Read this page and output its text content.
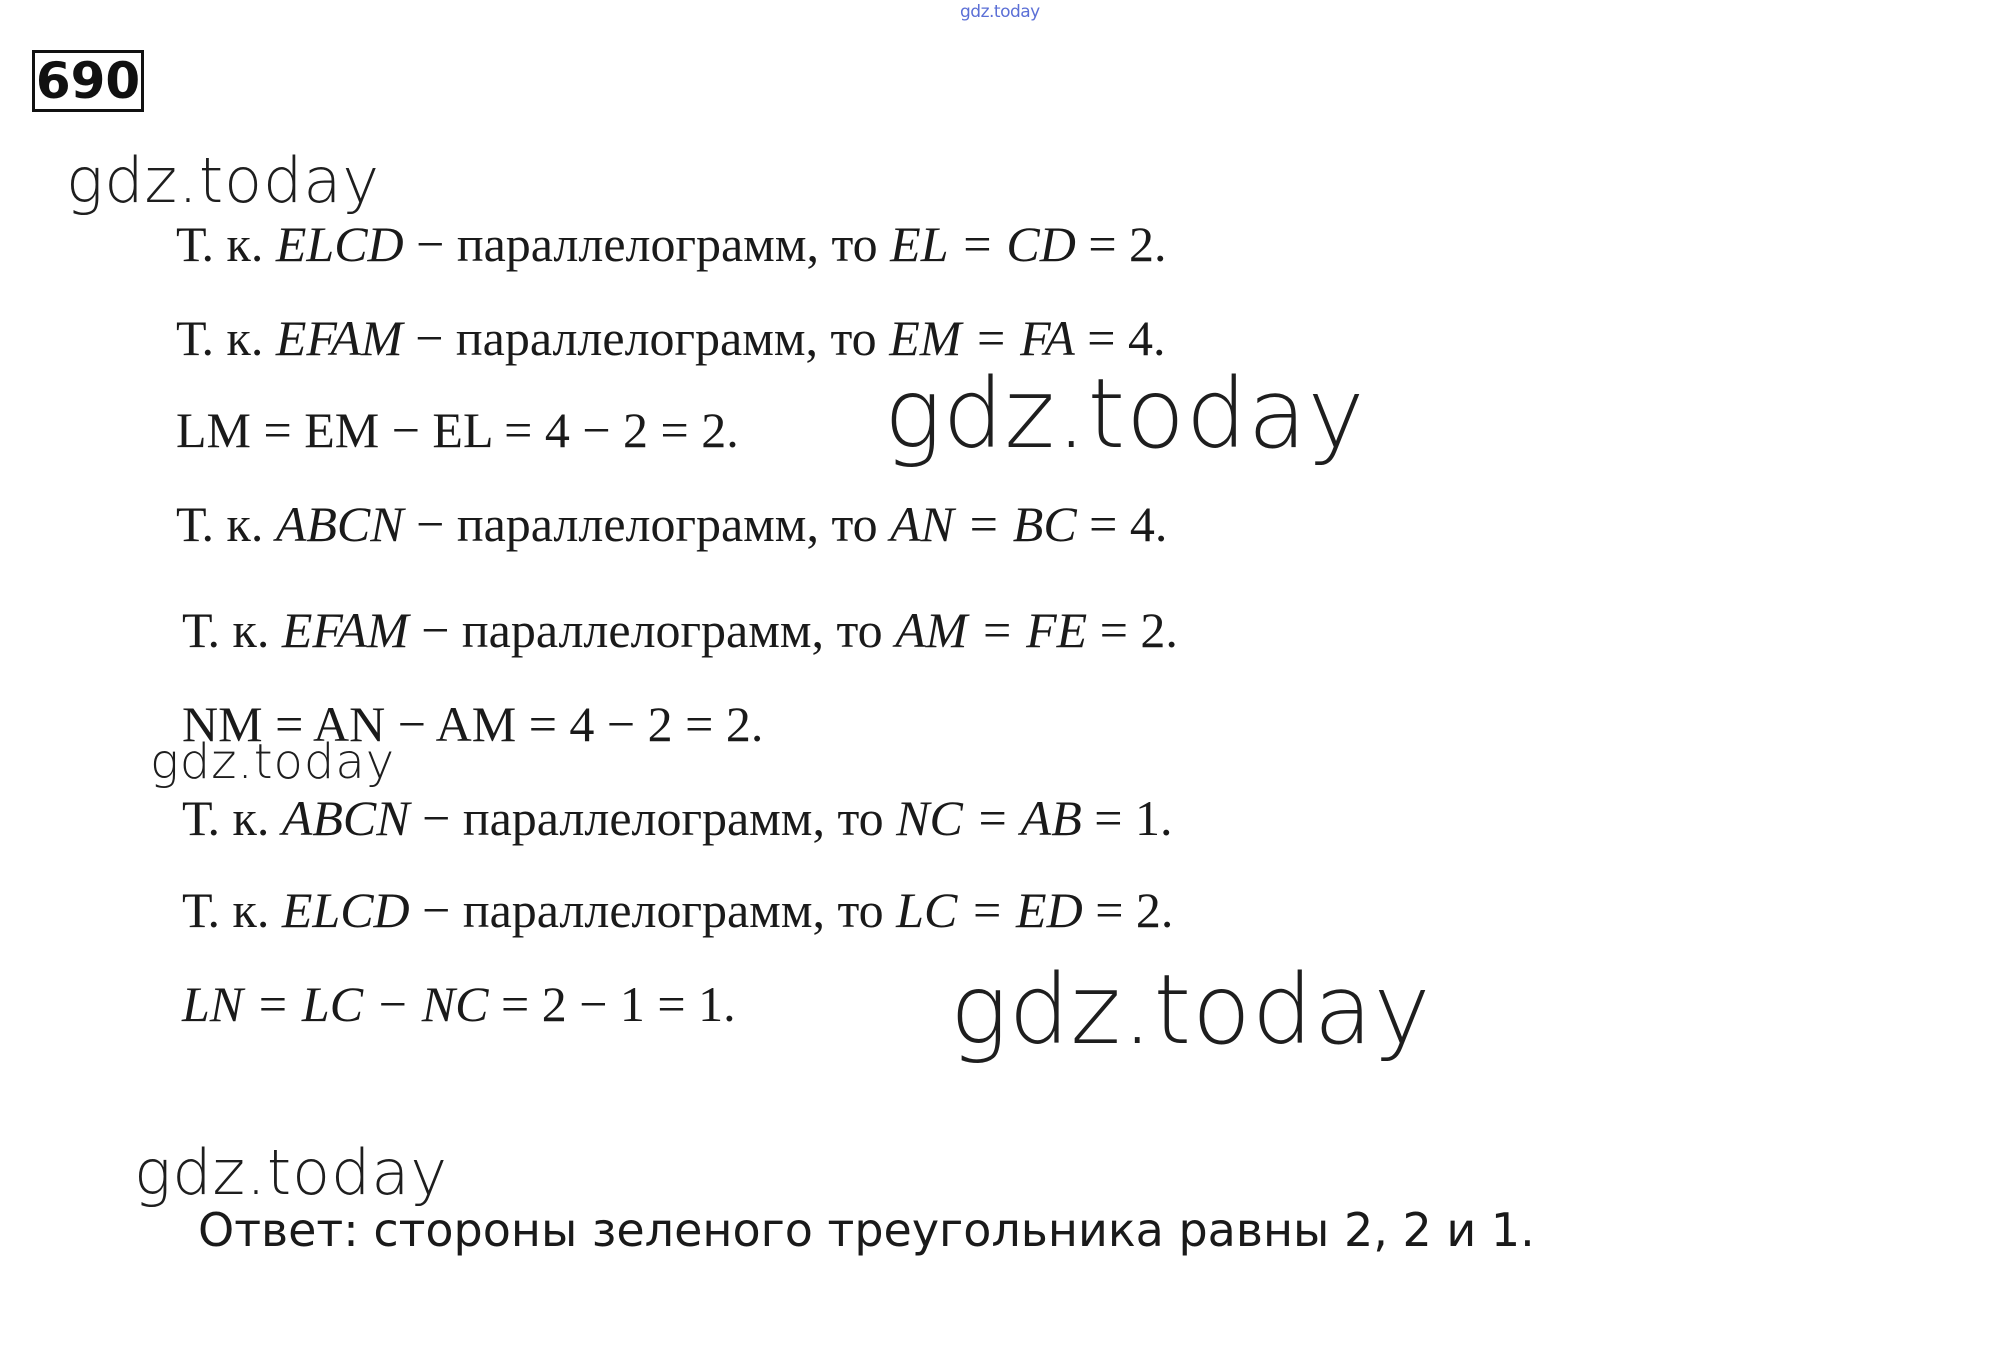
gdz.today
690
gdz.today
gdz.today
gdz.today
gdz.today
gdz.today
Т. к. ELCD − параллелограмм, то EL = CD = 2.
Т. к. EFAM − параллелограмм, то EM = FA = 4.
LM = EM − EL = 4 − 2 = 2.
Т. к. ABCN − параллелограмм, то AN = BC = 4.
Т. к. EFAM − параллелограмм, то AM = FE = 2.
NM = AN − AM = 4 − 2 = 2.
Т. к. ABCN − параллелограмм, то NC = AB = 1.
Т. к. ELCD − параллелограмм, то LC = ED = 2.
LN = LC − NC = 2 − 1 = 1.
Ответ: стороны зеленого треугольника равны 2, 2 и 1.
